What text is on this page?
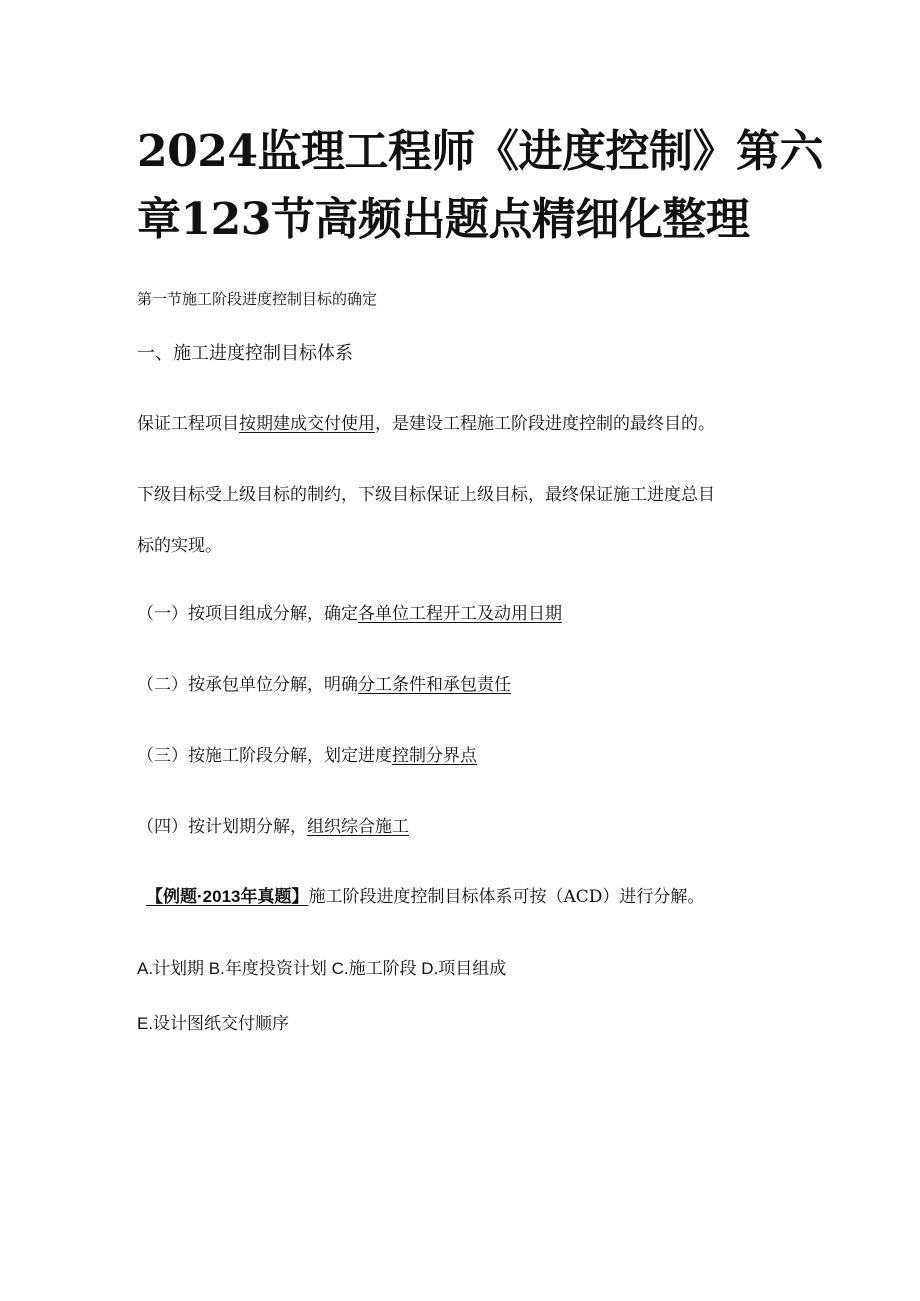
2024监理工程师《进度控制》第六
章123节高频出题点精细化整理

第一节施工阶段进度控制目标的确定

一、施工进度控制目标体系

保证工程项目按期建成交付使用，是建设工程施工阶段进度控制的最终目的。

下级目标受上级目标的制约，下级目标保证上级目标，最终保证施工进度总目

标的实现。

（一）按项目组成分解，确定各单位工程开工及动用日期

（二）按承包单位分解，明确分工条件和承包责任

（三）按施工阶段分解，划定进度控制分界点

（四）按计划期分解，组织综合施工

【例题·2013年真题】施工阶段进度控制目标体系可按（ACD）进行分解。

A.计划期 B.年度投资计划 C.施工阶段 D.项目组成

E.设计图纸交付顺序
